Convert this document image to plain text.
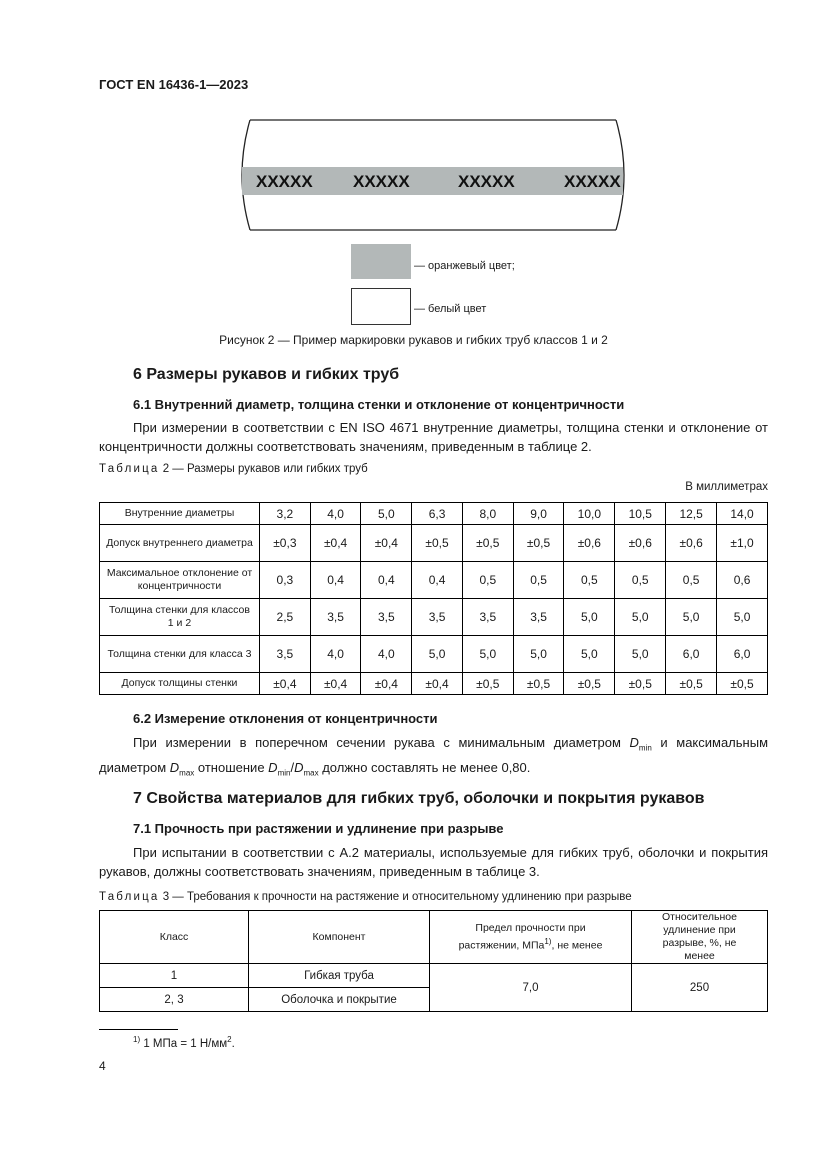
ГОСТ EN 16436-1—2023
XXXXX XXXXX	XXXXX	XXXXX
— оранжевый цвет;
— белый цвет
Рисунок 2 — Пример маркировки рукавов и гибких труб классов 1 и 2
6 Размеры рукавов и гибких труб
6.1 Внутренний диаметр, толщина стенки и отклонение от концентричности
При измерении в соответствии с EN ISO 4671 внутренние диаметры, толщина стенки и отклонение от концентричности должны соответствовать значениям, приведенным в таблице 2.
Таблица 2 — Размеры рукавов или гибких труб
В миллиметрах
Внутренние диаметры	3,2	4,0	5,0	6,3	8,0	9,0	10,0	10,5	12,5	14,0
Допуск внутреннего диаметра	±0,3	±0,4	±0,4	±0,5	±0,5	±0,5	±0,6	±0,6	±0,6	±1,0
Максимальное отклонение от концентричности	0,3	0,4	0,4	0,4	0,5	0,5	0,5	0,5	0,5	0,6
Толщина стенки для классов 1 и 2	2,5	3,5	3,5	3,5	3,5	3,5	5,0	5,0	5,0	5,0
Толщина стенки для класса 3	3,5	4,0	4,0	5,0	5,0	5,0	5,0	5,0	6,0	6,0
Допуск толщины стенки	±0,4	±0,4	±0,4	±0,4	±0,5	±0,5	±0,5	±0,5	±0,5	±0,5
6.2 Измерение отклонения от концентричности
При измерении в поперечном сечении рукава с минимальным диаметром $D_{min}$ и максимальным диаметром $D_{max}$ отношение $D_{min}/D_{max}$ должно составлять не менее 0,80.
7 Свойства материалов для гибких труб, оболочки и покрытия рукавов
7.1 Прочность при растяжении и удлинение при разрыве
При испытании в соответствии с А.2 материалы, используемые для гибких труб, оболочки и покрытия рукавов, должны соответствовать значениям, приведенным в таблице 3.
Таблица 3 — Требования к прочности на растяжение и относительному удлинению при разрыве
Класс	Компонент	Предел прочности при растяжении, МПа$^{1)}$, не менее	Относительное удлинение при разрыве, %, не менее
1	Гибкая труба	7,0	250
2, 3	Оболочка и покрытие		
$^{1)}$ 1 МПа = 1 $Н/мм^2$.
4
